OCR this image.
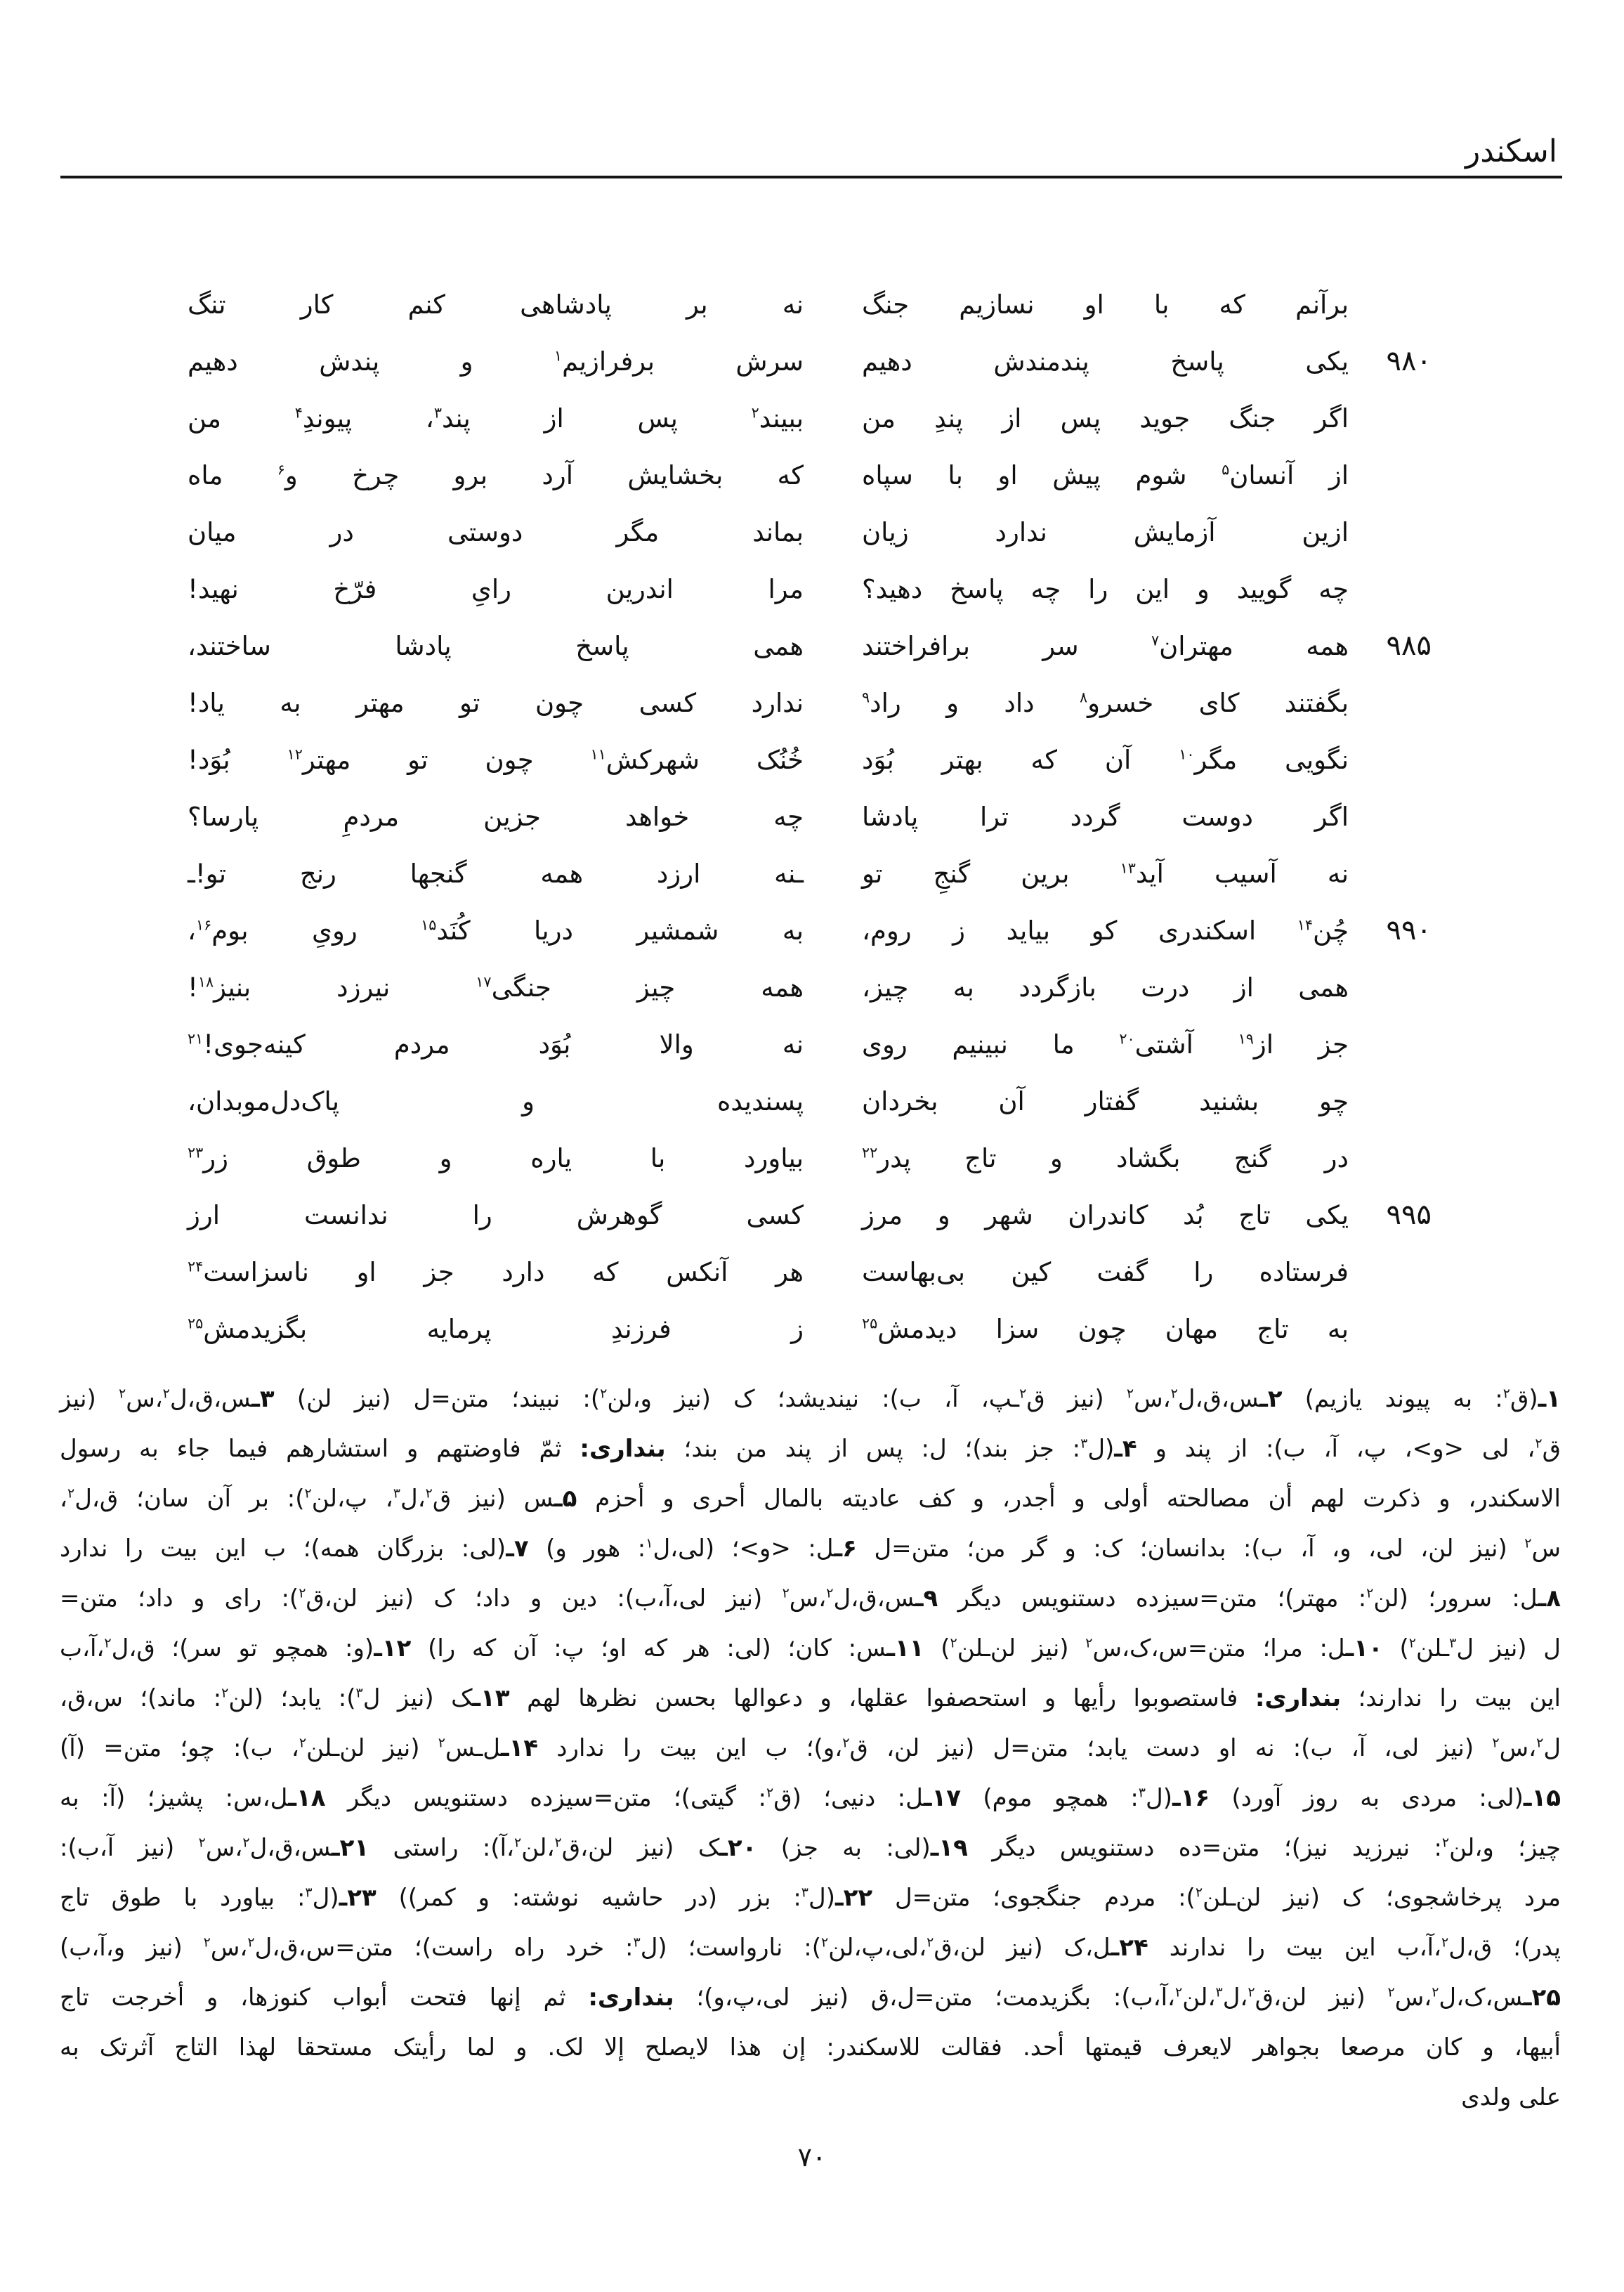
اسکندر
برآنم که با او نسازیم جنگ
نه بر پادشاهی کنم کار تنگ
۹۸۰
یکی پاسخ پندمندش دهیم
سرش برفرازیم$^۱$ و پندش دهیم
اگر جنگ جوید پس از پندِ من
ببیند$^۲$ پس از پند$^۳$، پیوندِ$^۴$ من
از آنسان$^۵$ شوم پیش او با سپاه
که بخشایش آرد برو چرخ و$^۶$ ماه
ازین آزمایش ندارد زیان
بماند مگر دوستی در میان
چه گویید و این را چه پاسخ دهید؟
مرا اندرین رایِ فرّخ نهید!
۹۸۵
همه مهتران$^۷$ سر برافراختند
همی پاسخ پادشا ساختند،
بگفتند کای خسرو$^۸$ داد و راد$^۹$
ندارد کسی چون تو مهتر به یاد!
نگویی مگر$^{۱۰}$ آن که بهتر بُوَد
خُنُک شهرکش$^{۱۱}$ چون تو مهتر$^{۱۲}$ بُوَد!
اگر دوست گردد ترا پادشا
چه خواهد جزین مردمِ پارسا؟
نه آسیب آید$^{۱۳}$ برین گنجِ تو
ـنه ارزد همه گنجها رنج تو!ـ
۹۹۰
چُن$^{۱۴}$ اسکندری کو بیاید ز روم،
به شمشیر دریا کُنَد$^{۱۵}$ رویِ بوم$^{۱۶}$،
همی از درت بازگردد به چیز،
همه چیز جنگی$^{۱۷}$ نیرزد بنیز$^{۱۸}$!
جز از$^{۱۹}$ آشتی$^{۲۰}$ ما نبینیم روی
نه والا بُوَد مردم کینه‌جوی!$^{۲۱}$
چو بشنید گفتار آن بخردان
پسندیده و پاک‌دل‌موبدان،
در گنج بگشاد و تاج پدر$^{۲۲}$
بیاورد با یاره و طوق زر$^{۲۳}$
۹۹۵
یکی تاج بُد کاندران شهر و مرز
کسی گوهرش را ندانست ارز
فرستاده را گفت کین بی‌بهاست
هر آنکس که دارد جز او ناسزاست$^{۲۴}$
به تاج مهان چون سزا دیدمش$^{۲۵}$
ز فرزندِ پرمایه بگزیدمش$^{۲۵}$
۱ـ(ق$^۲$: به پیوند یازیم) ۲ـس،ق،ل$^۲$،س$^۲$ (نیز ق$^۲$ـپ، آ، ب): نیندیشد؛ ک (نیز و،لن$^۲$): نبیند؛ متن=ل (نیز لن) ۳ـس،ق،ل$^۲$،س$^۲$ (نیز
ق$^۲$، لی <و>، پ، آ، ب): از پند و ۴ـ(ل$^۳$: جز بند)؛ ل: پس از پند من بند؛ بنداری: ثمّ فاوضتهم و استشارهم فیما جاء به رسول
الاسکندر، و ذکرت لهم أن مصالحته أولی و أجدر، و کف عادیته بالمال أحری و أحزم ۵ـس (نیز ق$^۲$،ل$^۳$، پ،لن$^۲$): بر آن سان؛ ق،ل$^۲$،
س$^۲$ (نیز لن، لی، و، آ، ب): بدانسان؛ ک: و گر من؛ متن=ل ۶ـل: <و>؛ (لی،ل$^۱$: هور و) ۷ـ(لی: بزرگان همه)؛ ب این بیت را ندارد
۸ـل: سرور؛ (لن$^۲$: مهتر)؛ متن=سیزده دستنویس دیگر ۹ـس،ق،ل$^۲$،س$^۲$ (نیز لی،آ،ب): دین و داد؛ ک (نیز لن،ق$^۲$): رای و داد؛ متن=
ل (نیز ل$^۳$ـلن$^۲$) ۱۰ـل: مرا؛ متن=س،ک،س$^۲$ (نیز لن‌ـلن$^۲$) ۱۱ـس: کان؛ (لی: هر که او؛ پ: آن که را) ۱۲ـ(و: همچو تو سر)؛ ق،ل$^۲$،آ،ب
این بیت را ندارند؛ بنداری: فاستصوبوا رأیها و استحصفوا عقلها، و دعوالها بحسن نظرها لهم ۱۳ـک (نیز ل$^۳$): یابد؛ (لن$^۲$: ماند)؛ س،ق،
ل$^۲$،س$^۲$ (نیز لی، آ، ب): نه او دست یابد؛ متن=ل (نیز لن، ق$^۲$،و)؛ ب این بیت را ندارد ۱۴ـل‌ـس$^۲$ (نیز لن‌ـلن$^۲$، ب): چو؛ متن= (آ)
۱۵ـ(لی: مردی به روز آورد) ۱۶ـ(ل$^۳$: همچو موم) ۱۷ـل: دنیی؛ (ق$^۲$: گیتی)؛ متن=سیزده دستنویس دیگر ۱۸ـل،س: پشیز؛ (آ: به
چیز؛ و،لن$^۲$: نیرزید نیز)؛ متن=ده دستنویس دیگر ۱۹ـ(لی: به جز) ۲۰ـک (نیز لن،ق$^۲$،لن$^۲$،آ): راستی ۲۱ـس،ق،ل$^۲$،س$^۲$ (نیز آ،ب):
مرد پرخاشجوی؛ ک (نیز لن‌ـلن$^۲$): مردم جنگجوی؛ متن=ل ۲۲ـ(ل$^۳$: بزر (در حاشیه نوشته: و کمر)) ۲۳ـ(ل$^۳$: بیاورد با طوق تاج
پدر)؛ ق،ل$^۲$،آ،ب این بیت را ندارند ۲۴ـل،ک (نیز لن،ق$^۲$،لی،پ،لن$^۲$): نارواست؛ (ل$^۳$: خرد راه راست)؛ متن=س،ق،ل$^۲$،س$^۲$ (نیز و،آ،ب)
۲۵ـس،ک،ل$^۲$،س$^۲$ (نیز لن،ق$^۲$،ل$^۳$،لن$^۲$،آ،ب): بگزیدمت؛ متن=ل،ق (نیز لی،پ،و)؛ بنداری: ثم إنها فتحت أبواب کنوزها، و أخرجت تاج
أبیها، و کان مرصعا بجواهر لایعرف قیمتها أحد. فقالت للاسکندر: إن هذا لایصلح إلا لک. و لما رأیتک مستحقا لهذا التاج آثرتک به
علی ولدی
۷۰
